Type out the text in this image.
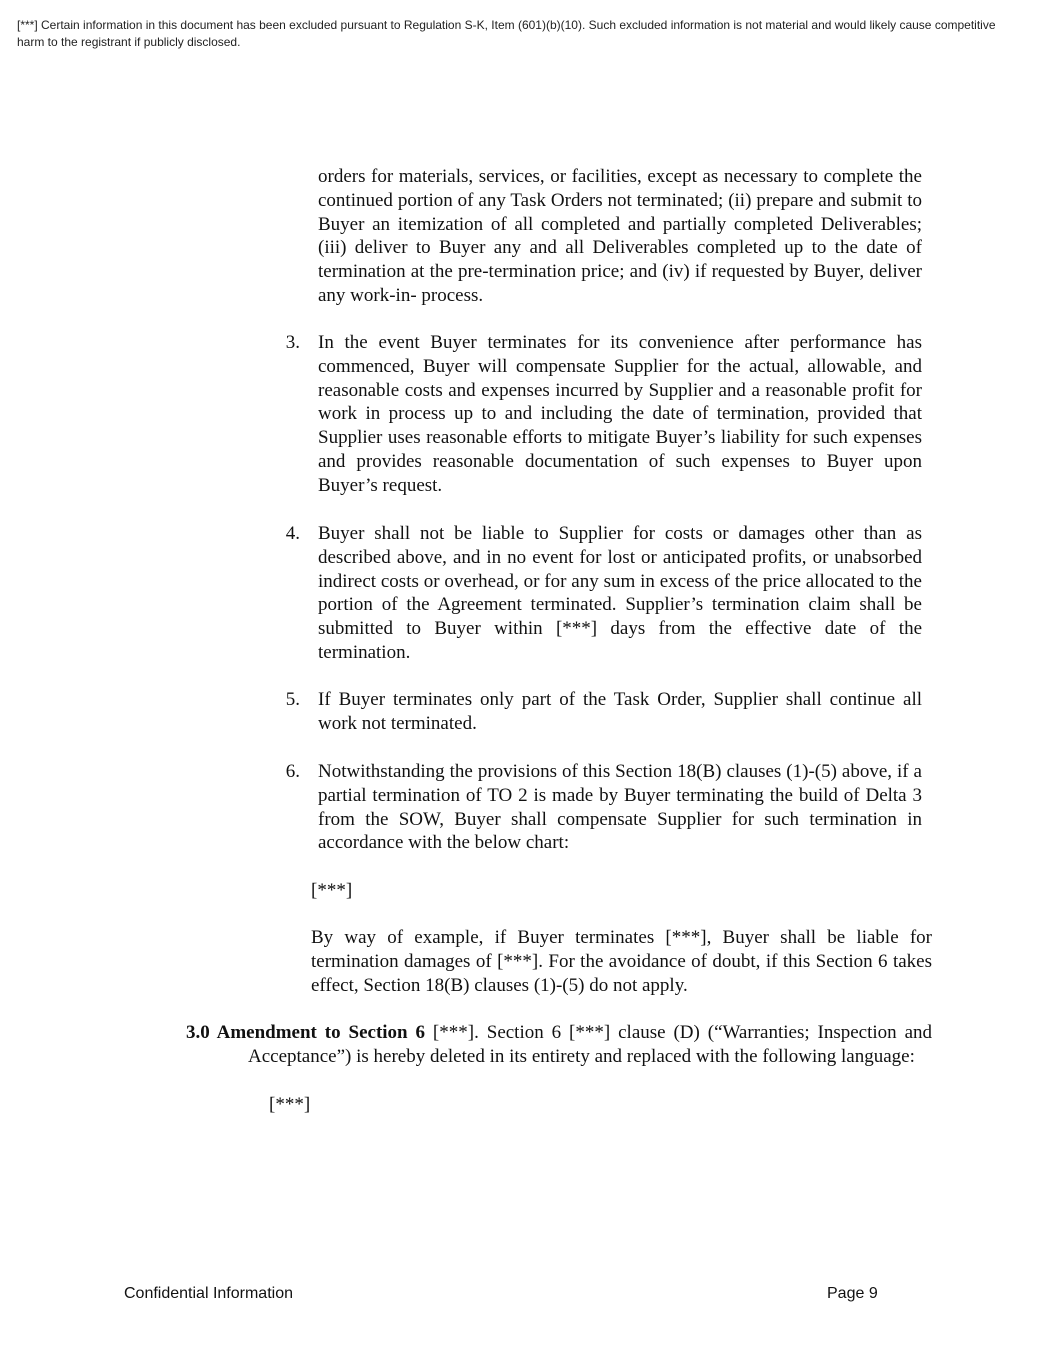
[***] Certain information in this document has been excluded pursuant to Regulation S-K, Item (601)(b)(10). Such excluded information is not material and would likely cause competitive harm to the registrant if publicly disclosed.
orders for materials, services, or facilities, except as necessary to complete the continued portion of any Task Orders not terminated; (ii) prepare and submit to Buyer an itemization of all completed and partially completed Deliverables; (iii) deliver to Buyer any and all Deliverables completed up to the date of termination at the pre-termination price; and (iv) if requested by Buyer, deliver any work-in- process.
3. In the event Buyer terminates for its convenience after performance has commenced, Buyer will compensate Supplier for the actual, allowable, and reasonable costs and expenses incurred by Supplier and a reasonable profit for work in process up to and including the date of termination, provided that Supplier uses reasonable efforts to mitigate Buyer’s liability for such expenses and provides reasonable documentation of such expenses to Buyer upon Buyer’s request.
4. Buyer shall not be liable to Supplier for costs or damages other than as described above, and in no event for lost or anticipated profits, or unabsorbed indirect costs or overhead, or for any sum in excess of the price allocated to the portion of the Agreement terminated. Supplier’s termination claim shall be submitted to Buyer within [***] days from the effective date of the termination.
5. If Buyer terminates only part of the Task Order, Supplier shall continue all work not terminated.
6. Notwithstanding the provisions of this Section 18(B) clauses (1)-(5) above, if a partial termination of TO 2 is made by Buyer terminating the build of Delta 3 from the SOW, Buyer shall compensate Supplier for such termination in accordance with the below chart:
[***]
By way of example, if Buyer terminates [***], Buyer shall be liable for termination damages of [***]. For the avoidance of doubt, if this Section 6 takes effect, Section 18(B) clauses (1)-(5) do not apply.
3.0 Amendment to Section 6 [***]. Section 6 [***] clause (D) (“Warranties; Inspection and Acceptance”) is hereby deleted in its entirety and replaced with the following language:
[***]
Confidential Information	Page 9
